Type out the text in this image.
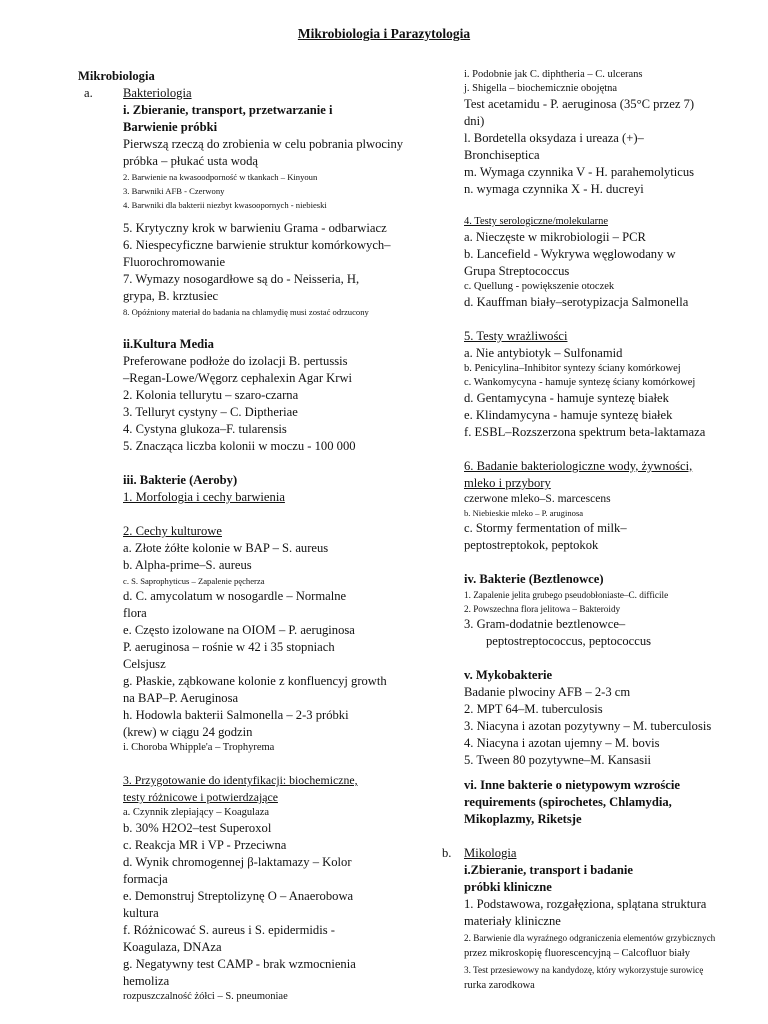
Mikrobiologia i Parazytologia
Mikrobiologia
a.	Bakteriologia
i. Zbieranie, transport, przetwarzanie i
Barwienie próbki
Pierwszą rzeczą do zrobienia w celu pobrania plwociny
próbka – płukać usta wodą
2. Barwienie na kwasoodporność w tkankach – Kinyoun
3. Barwniki AFB - Czerwony
4. Barwniki dla bakterii niezbyt kwasoopornych - niebieski
5. Krytyczny krok w barwieniu Grama - odbarwiacz
6. Niespecyficzne barwienie struktur komórkowych–
Fluorochromowanie
7. Wymazy nosogardłowe są do - Neisseria, H,
grypa, B. krztusiec
8. Opóźniony materiał do badania na chlamydię musi zostać odrzucony
ii.Kultura Media
Preferowane podłoże do izolacji B. pertussis
–Regan-Lowe/Węgorz cephalexin Agar Krwi
2. Kolonia tellurytu – szaro-czarna
3. Telluryt cystyny – C. Diptheriae
4. Cystyna glukoza–F. tularensis
5. Znacząca liczba kolonii w moczu - 100 000
iii. Bakterie (Aeroby)
1. Morfologia i cechy barwienia
2. Cechy kulturowe
a. Złote żółte kolonie w BAP – S. aureus
b. Alpha-prime–S. aureus
c. S. Saprophyticus – Zapalenie pęcherza
d. C. amycolatum w nosogardle – Normalne
flora
e. Często izolowane na OIOM – P. aeruginosa
P. aeruginosa – rośnie w 42 i 35 stopniach
Celsjusz
g. Płaskie, ząbkowane kolonie z konfluencyj growth
na BAP–P. Aeruginosa
h. Hodowla bakterii Salmonella – 2-3 próbki
(krew) w ciągu 24 godzin
i. Choroba Whipple'a – Trophyrema
3. Przygotowanie do identyfikacji: biochemiczne,
testy różnicowe i potwierdzające
a. Czynnik zlepiający – Koagulaza
b. 30% H2O2–test Superoxol
c. Reakcja MR i VP - Przeciwna
d. Wynik chromogennej β-laktamazy – Kolor
formacja
e. Demonstruj Streptolizynę O – Anaerobowa
kultura
f. Różnicować S. aureus i S. epidermidis -
Koagulaza, DNAza
g. Negatywny test CAMP - brak wzmocnienia
hemoliza
rozpuszczalność żółci – S. pneumoniae
i. Podobnie jak C. diphtheria – C. ulcerans
j. Shigella – biochemicznie obojętna
Test acetamidu - P. aeruginosa (35°C przez 7)
dni)
l. Bordetella oksydaza i ureaza (+)–
Bronchiseptica
m. Wymaga czynnika V - H. parahemolyticus
n. wymaga czynnika X - H. ducreyi
4. Testy serologiczne/molekularne
a. Nieczęste w mikrobiologii – PCR
b. Lancefield - Wykrywa węglowodany w
Grupa Streptococcus
c. Quellung - powiększenie otoczek
d. Kauffman biały–serotypizacja Salmonella
5. Testy wrażliwości
a. Nie antybiotyk – Sulfonamid
b. Penicylina–Inhibitor syntezy ściany komórkowej
c. Wankomycyna - hamuje syntezę ściany komórkowej
d. Gentamycyna - hamuje syntezę białek
e. Klindamycyna - hamuje syntezę białek
f. ESBL–Rozszerzona spektrum beta-laktamaza
6. Badanie bakteriologiczne wody, żywności,
mleko i przybory
czerwone mleko–S. marcescens
b. Niebieskie mleko – P. aruginosa
c. Stormy fermentation of milk–
peptostreptokok, peptokok
iv. Bakterie (Beztlenowce)
1. Zapalenie jelita grubego pseudobłoniaste–C. difficile
2. Powszechna flora jelitowa – Bakteroidy
3. Gram-dodatnie beztlenowce–
peptostreptococcus, peptococcus
v. Mykobakterie
Badanie plwociny AFB – 2-3 cm
2. MPT 64–M. tuberculosis
3. Niacyna i azotan pozytywny – M. tuberculosis
4. Niacyna i azotan ujemny – M. bovis
5. Tween 80 pozytywne–M. Kansasii
vi. Inne bakterie o nietypowym wzroście
requirements (spirochetes, Chlamydia,
Mikoplazmy, Riketsje
b. Mikologia
i.Zbieranie, transport i badanie
próbki kliniczne
1. Podstawowa, rozgałęziona, splątana struktura
materiały kliniczne
2. Barwienie dla wyraźnego odgraniczenia elementów grzybicznych
przez mikroskopię fluorescencyjną – Calcofluor biały
3. Test przesiewowy na kandydozę, który wykorzystuje surowicę
rurka zarodkowa
